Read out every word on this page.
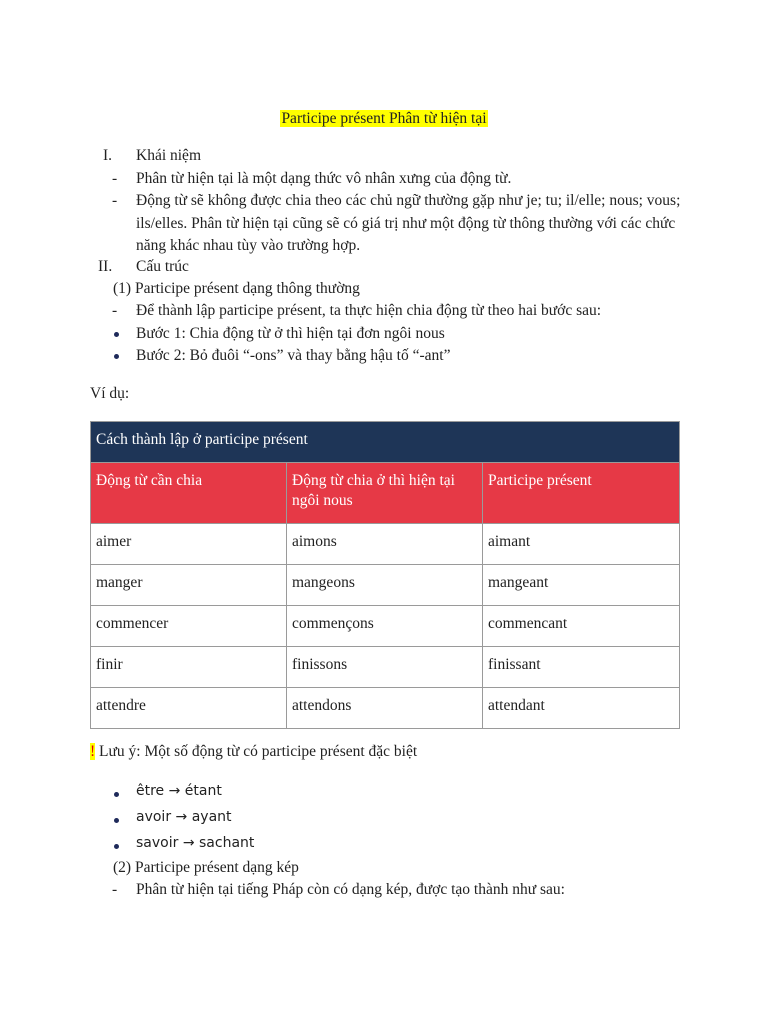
Participe présent Phân từ hiện tại
I. Khái niệm
- Phân từ hiện tại là một dạng thức vô nhân xưng của động từ.
- Động từ sẽ không được chia theo các chủ ngữ thường gặp như je; tu; il/elle; nous; vous; ils/elles. Phân từ hiện tại cũng sẽ có giá trị như một động từ thông thường với các chức năng khác nhau tùy vào trường hợp.
II. Cấu trúc
(1) Participe présent dạng thông thường
- Để thành lập participe présent, ta thực hiện chia động từ theo hai bước sau:
Bước 1: Chia động từ ở thì hiện tại đơn ngôi nous
Bước 2: Bỏ đuôi “-ons” và thay bằng hậu tố “-ant”
Ví dụ:
Cách thành lập ở participe présent		
Động từ cần chia	Động từ chia ở thì hiện tại ngôi nous	Participe présent
aimer	aimons	aimant
manger	mangeons	mangeant
commencer	commençons	commencant
finir	finissons	finissant
attendre	attendons	attendant
! Lưu ý: Một số động từ có participe présent đặc biệt
être → étant
avoir → ayant
savoir → sachant
(2) Participe présent dạng kép
- Phân từ hiện tại tiếng Pháp còn có dạng kép, được tạo thành như sau:
